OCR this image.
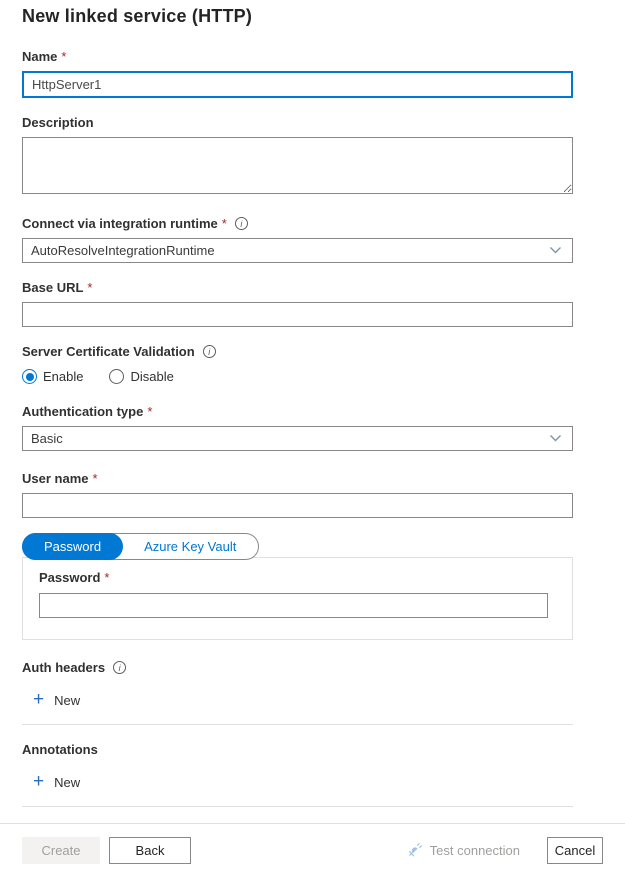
New linked service (HTTP)
Name *
HttpServer1
Description
Connect via integration runtime *	i
AutoResolveIntegrationRuntime
Base URL *
Server Certificate Validation	i
Enable	Disable
Authentication type *
Basic
User name *
Password	Azure Key Vault
Password *
Auth headers	i
+ New
Annotations
+ New
Create	Back	Test connection	Cancel
